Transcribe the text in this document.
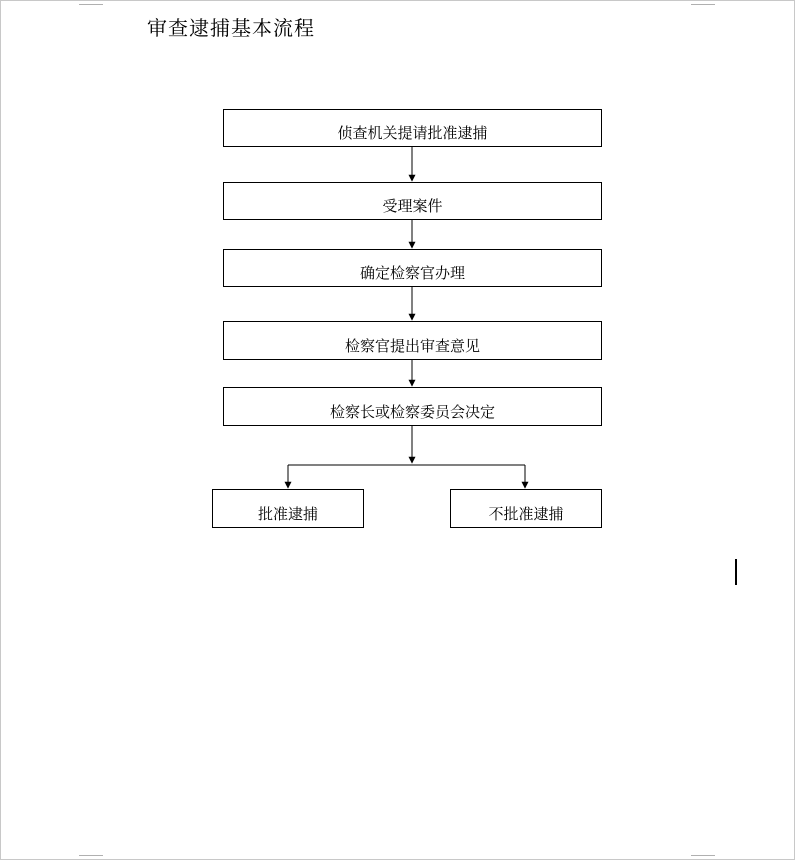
审查逮捕基本流程
侦查机关提请批准逮捕
受理案件
确定检察官办理
检察官提出审查意见
检察长或检察委员会决定
批准逮捕	不批准逮捕
